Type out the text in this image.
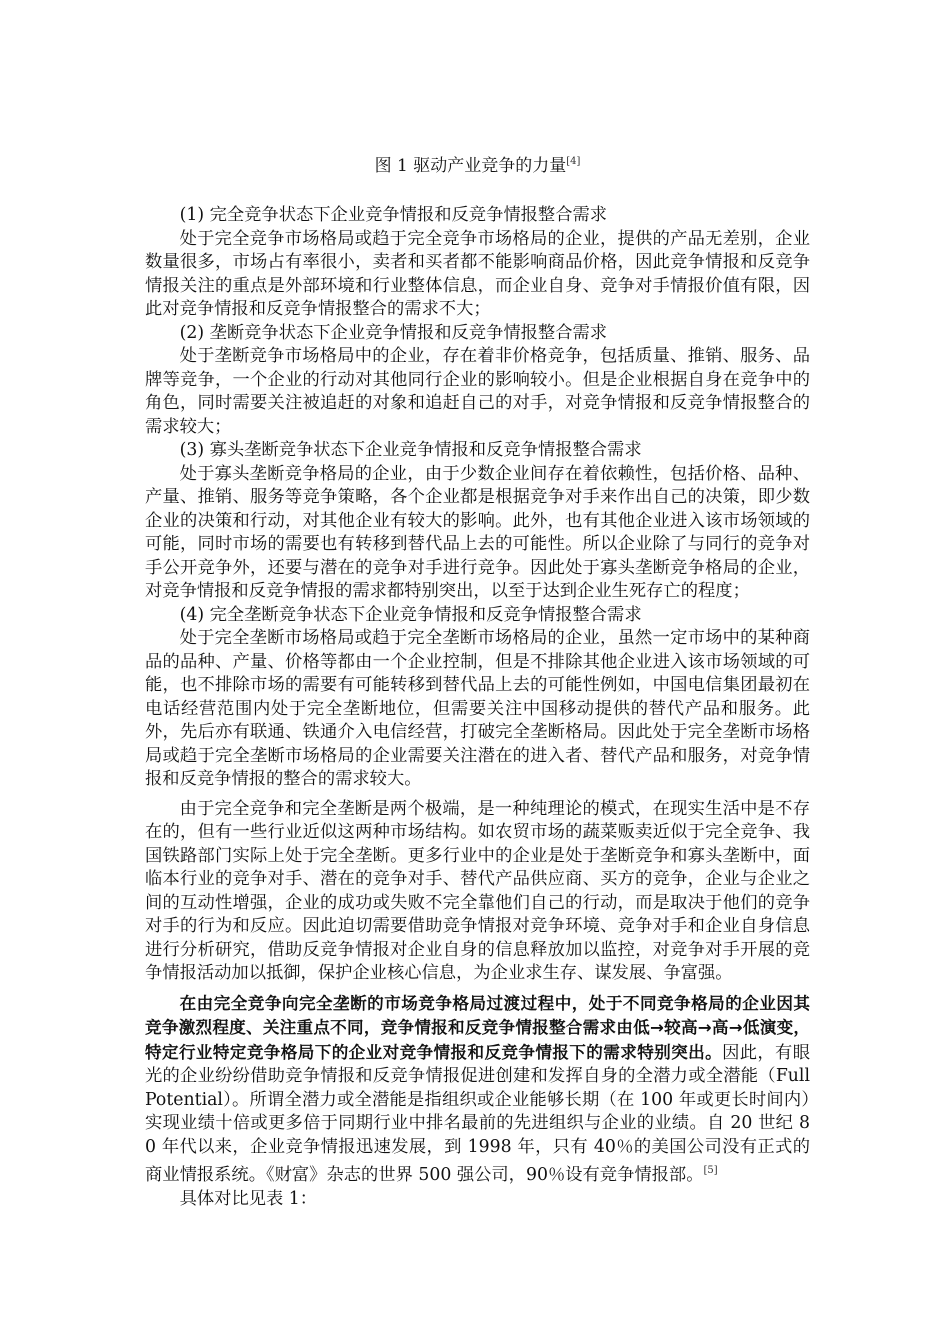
图 1 驱动产业竞争的力量[4]

(1) 完全竞争状态下企业竞争情报和反竞争情报整合需求

处于完全竞争市场格局或趋于完全竞争市场格局的企业，提供的产品无差别，企业数量很多，市场占有率很小，卖者和买者都不能影响商品价格，因此竞争情报和反竞争情报关注的重点是外部环境和行业整体信息，而企业自身、竞争对手情报价值有限，因此对竞争情报和反竞争情报整合的需求不大；

(2) 垄断竞争状态下企业竞争情报和反竞争情报整合需求

处于垄断竞争市场格局中的企业，存在着非价格竞争，包括质量、推销、服务、品牌等竞争，一个企业的行动对其他同行企业的影响较小。但是企业根据自身在竞争中的角色，同时需要关注被追赶的对象和追赶自己的对手，对竞争情报和反竞争情报整合的需求较大；

(3) 寡头垄断竞争状态下企业竞争情报和反竞争情报整合需求

处于寡头垄断竞争格局的企业，由于少数企业间存在着依赖性，包括价格、品种、产量、推销、服务等竞争策略，各个企业都是根据竞争对手来作出自己的决策，即少数企业的决策和行动，对其他企业有较大的影响。此外，也有其他企业进入该市场领域的可能，同时市场的需要也有转移到替代品上去的可能性。所以企业除了与同行的竞争对手公开竞争外，还要与潜在的竞争对手进行竞争。因此处于寡头垄断竞争格局的企业，对竞争情报和反竞争情报的需求都特别突出，以至于达到企业生死存亡的程度；

(4) 完全垄断竞争状态下企业竞争情报和反竞争情报整合需求

处于完全垄断市场格局或趋于完全垄断市场格局的企业，虽然一定市场中的某种商品的品种、产量、价格等都由一个企业控制，但是不排除其他企业进入该市场领域的可能，也不排除市场的需要有可能转移到替代品上去的可能性例如，中国电信集团最初在电话经营范围内处于完全垄断地位，但需要关注中国移动提供的替代产品和服务。此外，先后亦有联通、铁通介入电信经营，打破完全垄断格局。因此处于完全垄断市场格局或趋于完全垄断市场格局的企业需要关注潜在的进入者、替代产品和服务，对竞争情报和反竞争情报的整合的需求较大。

由于完全竞争和完全垄断是两个极端，是一种纯理论的模式，在现实生活中是不存在的，但有一些行业近似这两种市场结构。如农贸市场的蔬菜贩卖近似于完全竞争、我国铁路部门实际上处于完全垄断。更多行业中的企业是处于垄断竞争和寡头垄断中，面临本行业的竞争对手、潜在的竞争对手、替代产品供应商、买方的竞争，企业与企业之间的互动性增强，企业的成功或失败不完全靠他们自己的行动，而是取决于他们的竞争对手的行为和反应。因此迫切需要借助竞争情报对竞争环境、竞争对手和企业自身信息进行分析研究，借助反竞争情报对企业自身的信息释放加以监控，对竞争对手开展的竞争情报活动加以抵御，保护企业核心信息，为企业求生存、谋发展、争富强。

在由完全竞争向完全垄断的市场竞争格局过渡过程中，处于不同竞争格局的企业因其竞争激烈程度、关注重点不同，竞争情报和反竞争情报整合需求由低→较高→高→低演变，特定行业特定竞争格局下的企业对竞争情报和反竞争情报下的需求特别突出。因此，有眼光的企业纷纷借助竞争情报和反竞争情报促进创建和发挥自身的全潜力或全潜能（Full Potential）。所谓全潜力或全潜能是指组织或企业能够长期（在 100 年或更长时间内）实现业绩十倍或更多倍于同期行业中排名最前的先进组织与企业的业绩。自 20 世纪 80 年代以来，企业竞争情报迅速发展，到 1998 年，只有 40％的美国公司没有正式的商业情报系统。《财富》杂志的世界 500 强公司，90％设有竞争情报部。[5]

具体对比见表 1：
